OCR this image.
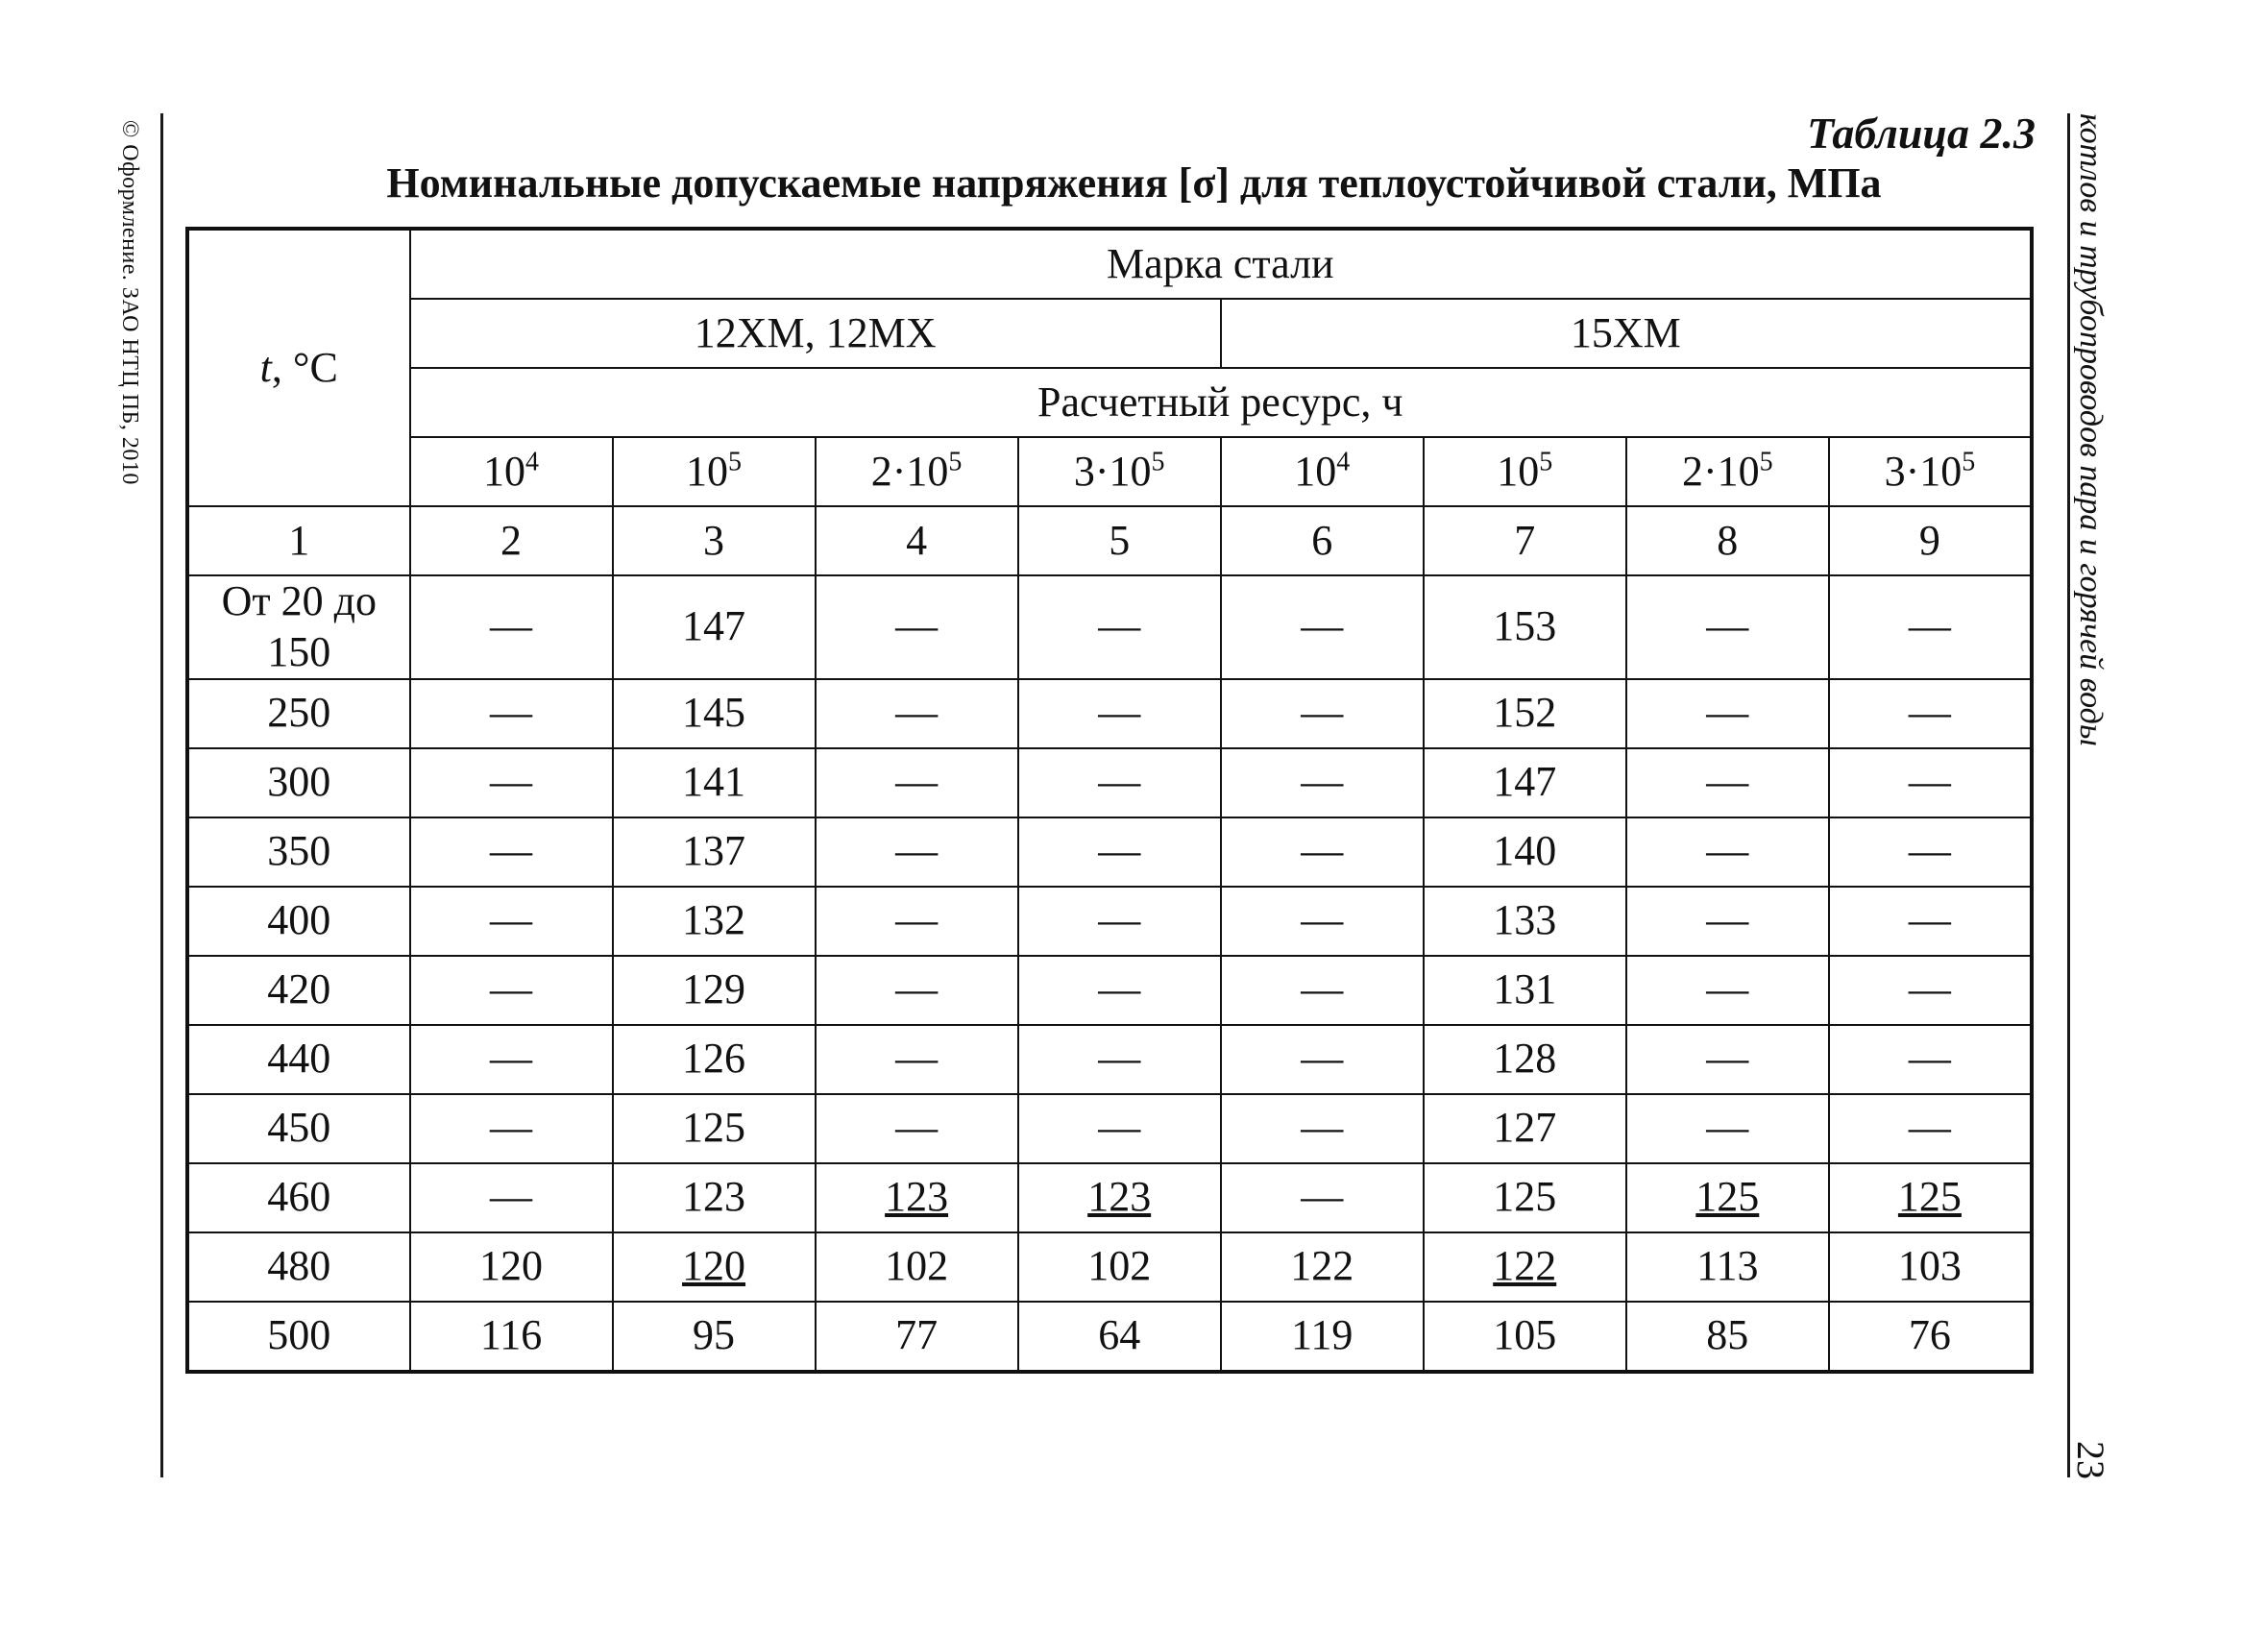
© Оформление. ЗАО НТЦ ПБ, 2010	котлов и трубопроводов пара и горячей воды
23
Таблица 2.3
Номинальные допускаемые напряжения [σ] для теплоустойчивой стали, МПа
t, °C	Марка стали							
	12ХМ, 12МХ				15ХМ			
	Расчетный ресурс, ч							
	$10^4$	$10^5$	$2\cdot 10^5$	$3\cdot 10^5$	$10^4$	$10^5$	$2\cdot 10^5$	$3\cdot 10^5$
1	2	3	4	5	6	7	8	9
От 20 до 150	—	147	—	—	—	153	—	—
250	—	145	—	—	—	152	—	—
300	—	141	—	—	—	147	—	—
350	—	137	—	—	—	140	—	—
400	—	132	—	—	—	133	—	—
420	—	129	—	—	—	131	—	—
440	—	126	—	—	—	128	—	—
450	—	125	—	—	—	127	—	—
460	—	123	123	123	—	125	125	125
480	120	120	102	102	122	122	113	103
500	116	95	77	64	119	105	85	76
